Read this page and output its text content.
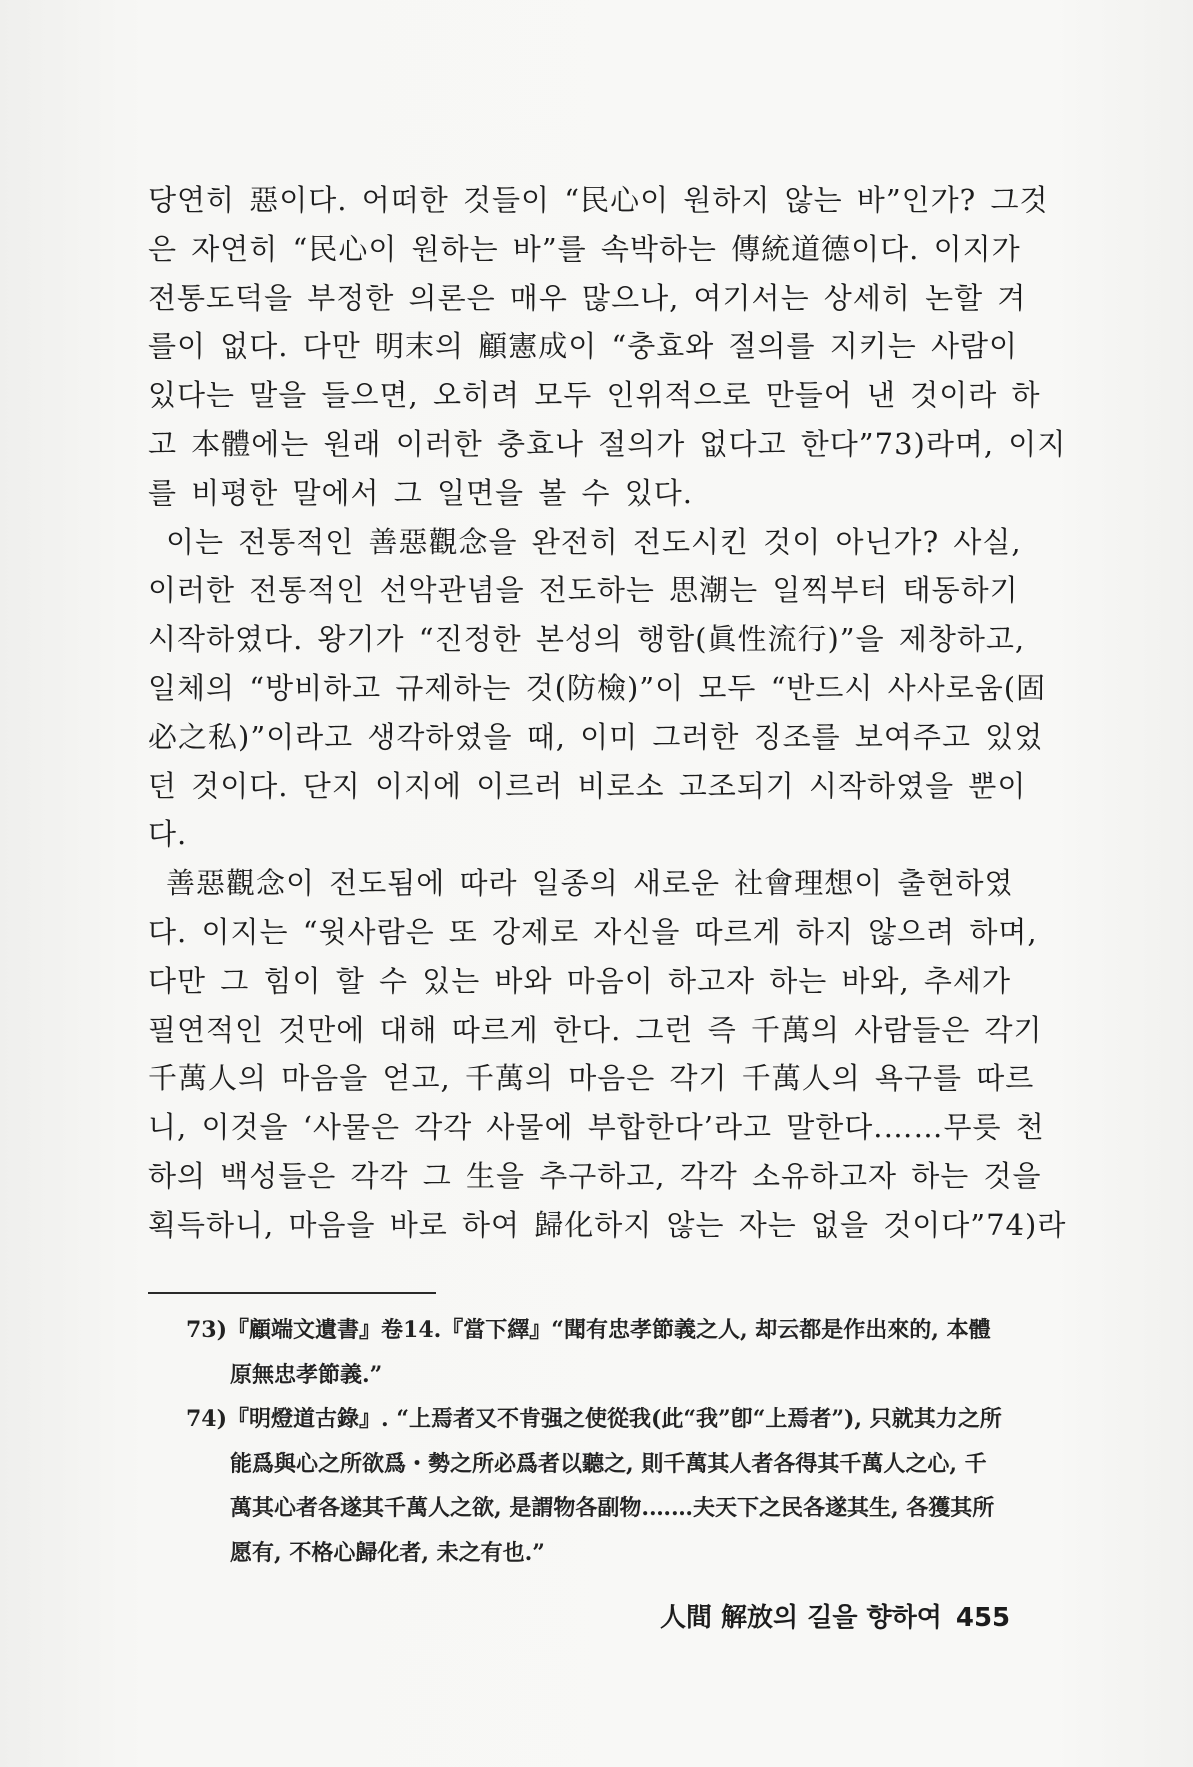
당연히 惡이다. 어떠한 것들이 “民心이 원하지 않는 바”인가? 그것
은 자연히 “民心이 원하는 바”를 속박하는 傳統道德이다. 이지가
전통도덕을 부정한 의론은 매우 많으나, 여기서는 상세히 논할 겨
를이 없다. 다만 明末의 顧憲成이 “충효와 절의를 지키는 사람이
있다는 말을 들으면, 오히려 모두 인위적으로 만들어 낸 것이라 하
고 本體에는 원래 이러한 충효나 절의가 없다고 한다”73)라며, 이지
를 비평한 말에서 그 일면을 볼 수 있다.
이는 전통적인 善惡觀念을 완전히 전도시킨 것이 아닌가? 사실,
이러한 전통적인 선악관념을 전도하는 思潮는 일찍부터 태동하기
시작하였다. 왕기가 “진정한 본성의 행함(眞性流行)”을 제창하고,
일체의 “방비하고 규제하는 것(防檢)”이 모두 “반드시 사사로움(固
必之私)”이라고 생각하였을 때, 이미 그러한 징조를 보여주고 있었
던 것이다. 단지 이지에 이르러 비로소 고조되기 시작하였을 뿐이
다.
善惡觀念이 전도됨에 따라 일종의 새로운 社會理想이 출현하였
다. 이지는 “윗사람은 또 강제로 자신을 따르게 하지 않으려 하며,
다만 그 힘이 할 수 있는 바와 마음이 하고자 하는 바와, 추세가
필연적인 것만에 대해 따르게 한다. 그런 즉 千萬의 사람들은 각기
千萬人의 마음을 얻고, 千萬의 마음은 각기 千萬人의 욕구를 따르
니, 이것을 ‘사물은 각각 사물에 부합한다’라고 말한다.……무릇 천
하의 백성들은 각각 그 生을 추구하고, 각각 소유하고자 하는 것을
획득하니, 마음을 바로 하여 歸化하지 않는 자는 없을 것이다”74)라
73)『顧端文遺書』卷14.『當下繹』“聞有忠孝節義之人, 却云都是作出來的, 本體
原無忠孝節義.”
74)『明燈道古錄』. “上焉者又不肯强之使從我(此“我”卽“上焉者”), 只就其力之所
能爲與心之所欲爲・勢之所必爲者以聽之, 則千萬其人者各得其千萬人之心, 千
萬其心者各遂其千萬人之欲, 是謂物各副物.……夫天下之民各遂其生, 各獲其所
愿有, 不格心歸化者, 未之有也.”
人間 解放의 길을 향하여 455
